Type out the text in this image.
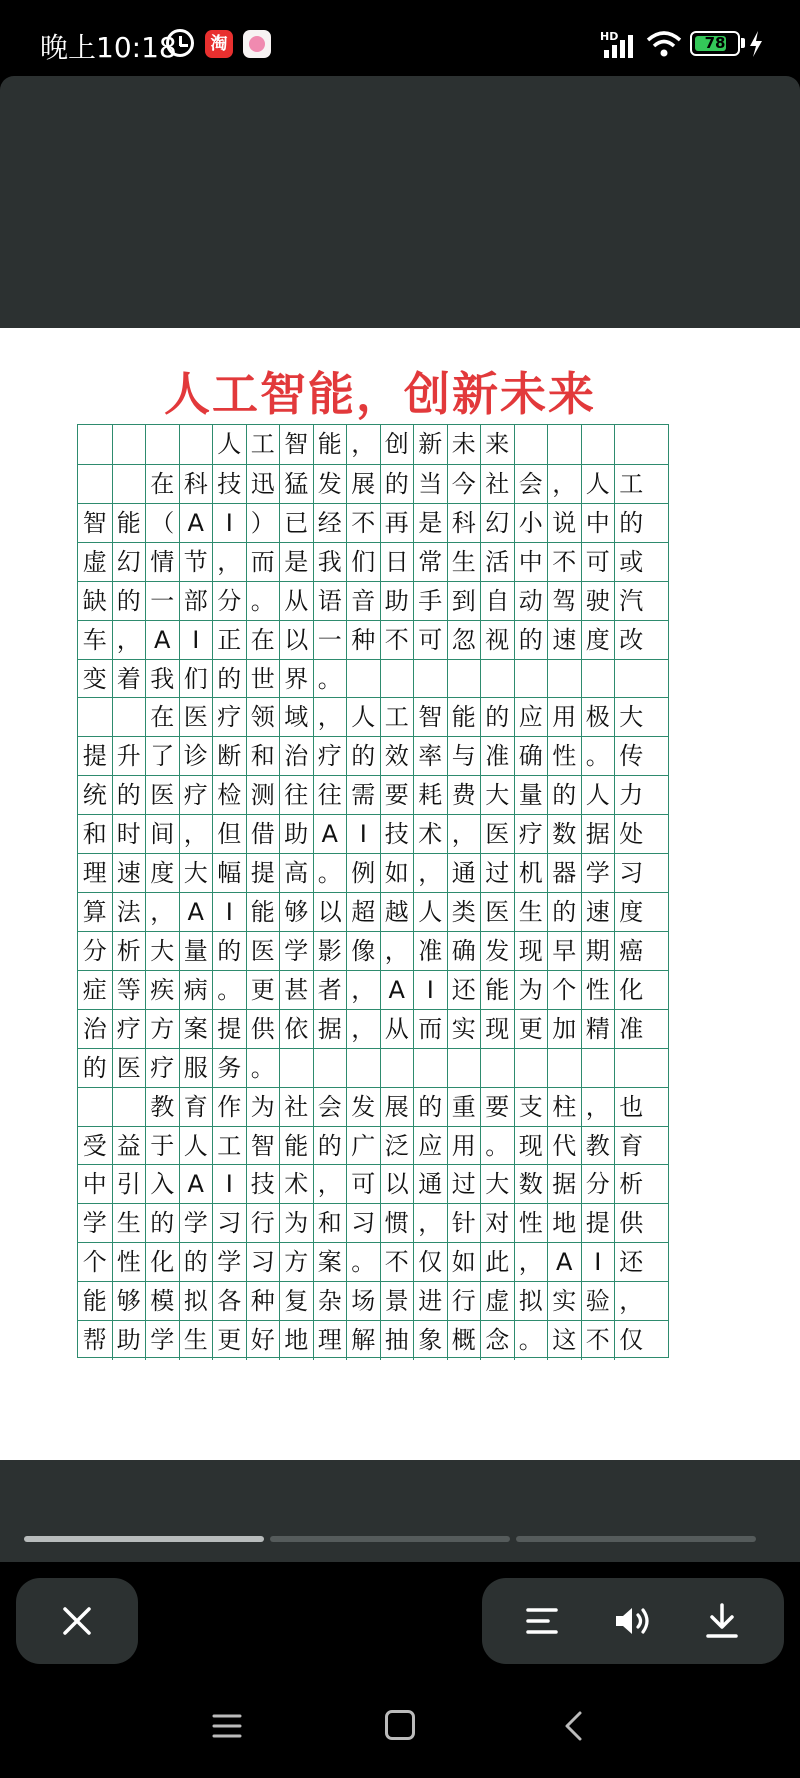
晚上10:18	淘	HD	78
人工智能，创新未来
人 工 智 能 ， 创 新 未 来
在 科 技 迅 猛 发 展 的 当 今 社 会 ， 人 工
智 能 （ A I ） 已 经 不 再 是 科 幻 小 说 中 的
虚 幻 情 节 ， 而 是 我 们 日 常 生 活 中 不 可 或
缺 的 一 部 分 。 从 语 音 助 手 到 自 动 驾 驶 汽
车 ， A I 正 在 以 一 种 不 可 忽 视 的 速 度 改
变 着 我 们 的 世 界 。
在 医 疗 领 域 ， 人 工 智 能 的 应 用 极 大
提 升 了 诊 断 和 治 疗 的 效 率 与 准 确 性 。 传
统 的 医 疗 检 测 往 往 需 要 耗 费 大 量 的 人 力
和 时 间 ， 但 借 助 A I 技 术 ， 医 疗 数 据 处
理 速 度 大 幅 提 高 。 例 如 ， 通 过 机 器 学 习
算 法 ， A I 能 够 以 超 越 人 类 医 生 的 速 度
分 析 大 量 的 医 学 影 像 ， 准 确 发 现 早 期 癌
症 等 疾 病 。 更 甚 者 ， A I 还 能 为 个 性 化
治 疗 方 案 提 供 依 据 ， 从 而 实 现 更 加 精 准
的 医 疗 服 务 。
教 育 作 为 社 会 发 展 的 重 要 支 柱 ， 也
受 益 于 人 工 智 能 的 广 泛 应 用 。 现 代 教 育
中 引 入 A I 技 术 ， 可 以 通 过 大 数 据 分 析
学 生 的 学 习 行 为 和 习 惯 ， 针 对 性 地 提 供
个 性 化 的 学 习 方 案 。 不 仅 如 此 ， A I 还
能 够 模 拟 各 种 复 杂 场 景 进 行 虚 拟 实 验 ，
帮 助 学 生 更 好 地 理 解 抽 象 概 念 。 这 不 仅
